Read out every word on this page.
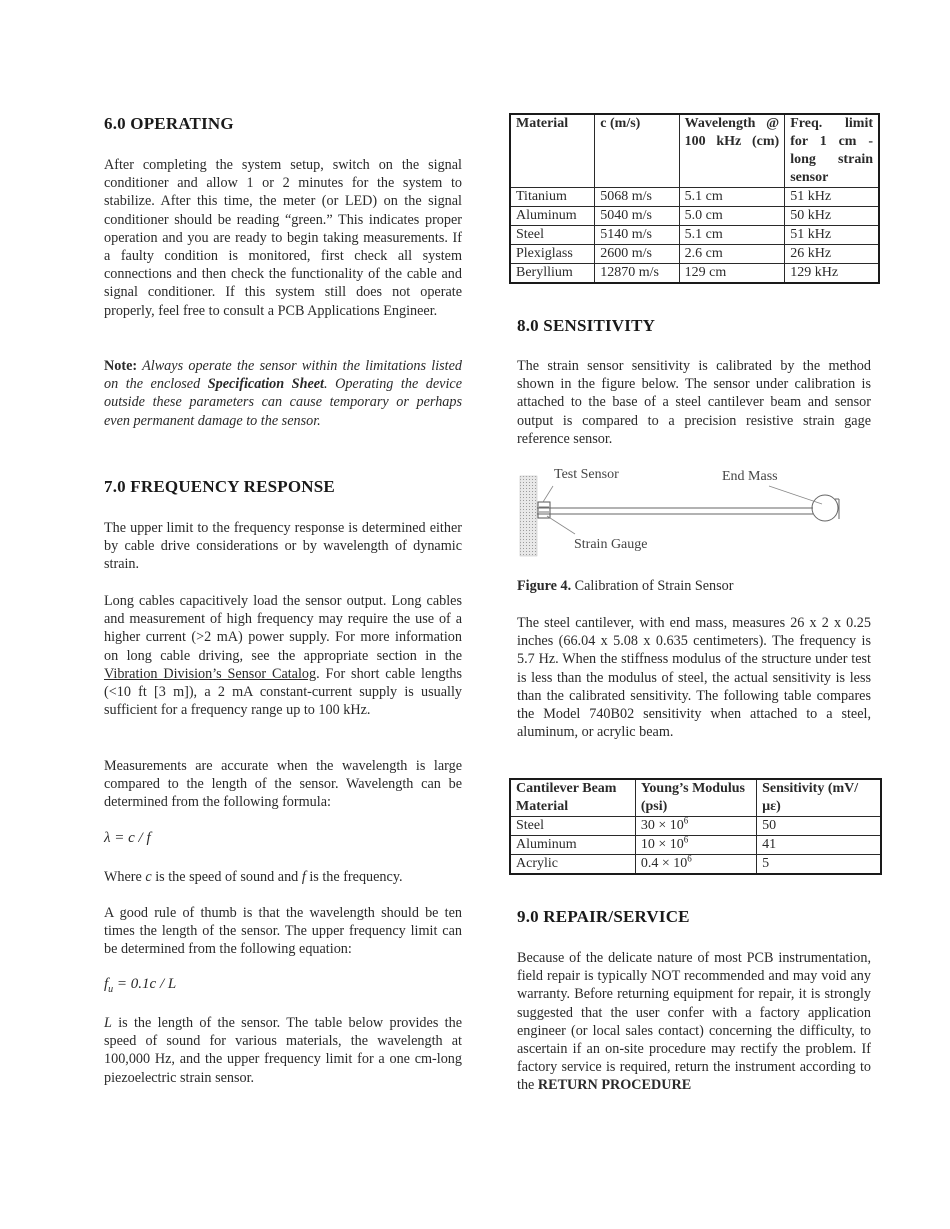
6.0 OPERATING

After completing the system setup, switch on the signal conditioner and allow 1 or 2 minutes for the system to stabilize. After this time, the meter (or LED) on the signal conditioner should be reading “green.” This indicates proper operation and you are ready to begin taking measurements. If a faulty condition is monitored, first check all system connections and then check the functionality of the cable and signal conditioner. If this system still does not operate properly, feel free to consult a PCB Applications Engineer.

Note: Always operate the sensor within the limitations listed on the enclosed Specification Sheet. Operating the device outside these parameters can cause temporary or perhaps even permanent damage to the sensor.

7.0 FREQUENCY RESPONSE

The upper limit to the frequency response is determined either by cable drive considerations or by wavelength of dynamic strain.

Long cables capacitively load the sensor output. Long cables and measurement of high frequency may require the use of a higher current (>2 mA) power supply. For more information on long cable driving, see the appropriate section in the Vibration Division’s Sensor Catalog. For short cable lengths (<10 ft [3 m]), a 2 mA constant-current supply is usually sufficient for a frequency range up to 100 kHz.

Measurements are accurate when the wavelength is large compared to the length of the sensor. Wavelength can be determined from the following formula:

λ = c / f

Where c is the speed of sound and f is the frequency.

A good rule of thumb is that the wavelength should be ten times the length of the sensor. The upper frequency limit can be determined from the following equation:

$f_u = 0.1c / L$

L is the length of the sensor. The table below provides the speed of sound for various materials, the wavelength at 100,000 Hz, and the upper frequency limit for a one cm-long piezoelectric strain sensor.

Material	c (m/s)	Wavelength @ 100 kHz (cm)	Freq. limit for 1 cm - long strain sensor
Titanium	5068 m/s	5.1 cm	51 kHz
Aluminum	5040 m/s	5.0 cm	50 kHz
Steel	5140 m/s	5.1 cm	51 kHz
Plexiglass	2600 m/s	2.6 cm	26 kHz
Beryllium	12870 m/s	129 cm	129 kHz
8.0 SENSITIVITY

The strain sensor sensitivity is calibrated by the method shown in the figure below. The sensor under calibration is attached to the base of a steel cantilever beam and sensor output is compared to a precision resistive strain gage reference sensor.

Test Sensor	End Mass
Strain Gauge
Figure 4. Calibration of Strain Sensor

The steel cantilever, with end mass, measures 26 x 2 x 0.25 inches (66.04 x 5.08 x 0.635 centimeters). The frequency is 5.7 Hz. When the stiffness modulus of the structure under test is less than the modulus of steel, the actual sensitivity is less than the calibrated sensitivity. The following table compares the Model 740B02 sensitivity when attached to a steel, aluminum, or acrylic beam.

Cantilever Beam Material	Young’s Modulus (psi)	Sensitivity (mV/µε)
Steel	$30 \times 10^6$	50
Aluminum	$10 \times 10^6$	41
Acrylic	$0.4 \times 10^6$	5
9.0 REPAIR/SERVICE

Because of the delicate nature of most PCB instrumentation, field repair is typically NOT recommended and may void any warranty. Before returning equipment for repair, it is strongly suggested that the user confer with a factory application engineer (or local sales contact) concerning the difficulty, to ascertain if an on-site procedure may rectify the problem. If factory service is required, return the instrument according to the RETURN PROCEDURE
